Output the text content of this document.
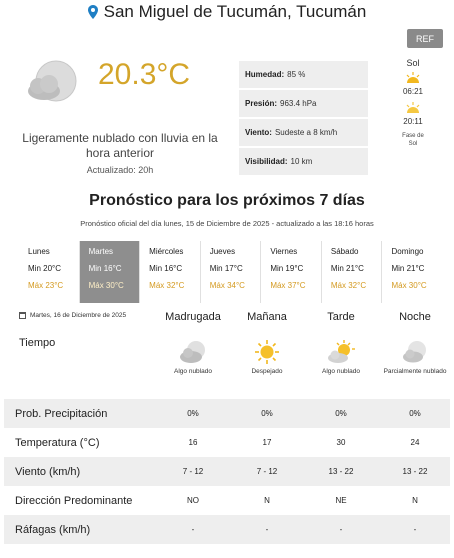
San Miguel de Tucumán, Tucumán
REF
20.3°C	Humedad: 85 %
Presión: 963.4 hPa
Viento: Sudeste a 8 km/h
Visibilidad: 10 km
Sol
06:21
20:11
Fase de
Sol
Ligeramente nublado con lluvia en la hora anterior
Actualizado: 20h
Pronóstico para los próximos 7 días
Pronóstico oficial del día lunes, 15 de Diciembre de 2025 - actualizado a las 18:16 horas
Lunes
Min 20°C
Máx 23°C
Martes
Min 16°C
Máx 30°C
Miércoles
Min 16°C
Máx 32°C
Jueves
Min 17°C
Máx 34°C
Viernes
Min 19°C
Máx 37°C
Sábado
Min 21°C
Máx 32°C
Domingo
Min 21°C
Máx 30°C
Martes, 16 de Diciembre de 2025	Madrugada	Mañana	Tarde	Noche
Tiempo
Algo nublado	Despejado	Algo nublado	Parcialmente nublado
Prob. Precipitación	0%	0%	0%	0%
Temperatura (°C)	16	17	30	24
Viento (km/h)	7 - 12	7 - 12	13 - 22	13 - 22
Dirección Predominante	NO	N	NE	N
Ráfagas (km/h)	-	-	-	-
